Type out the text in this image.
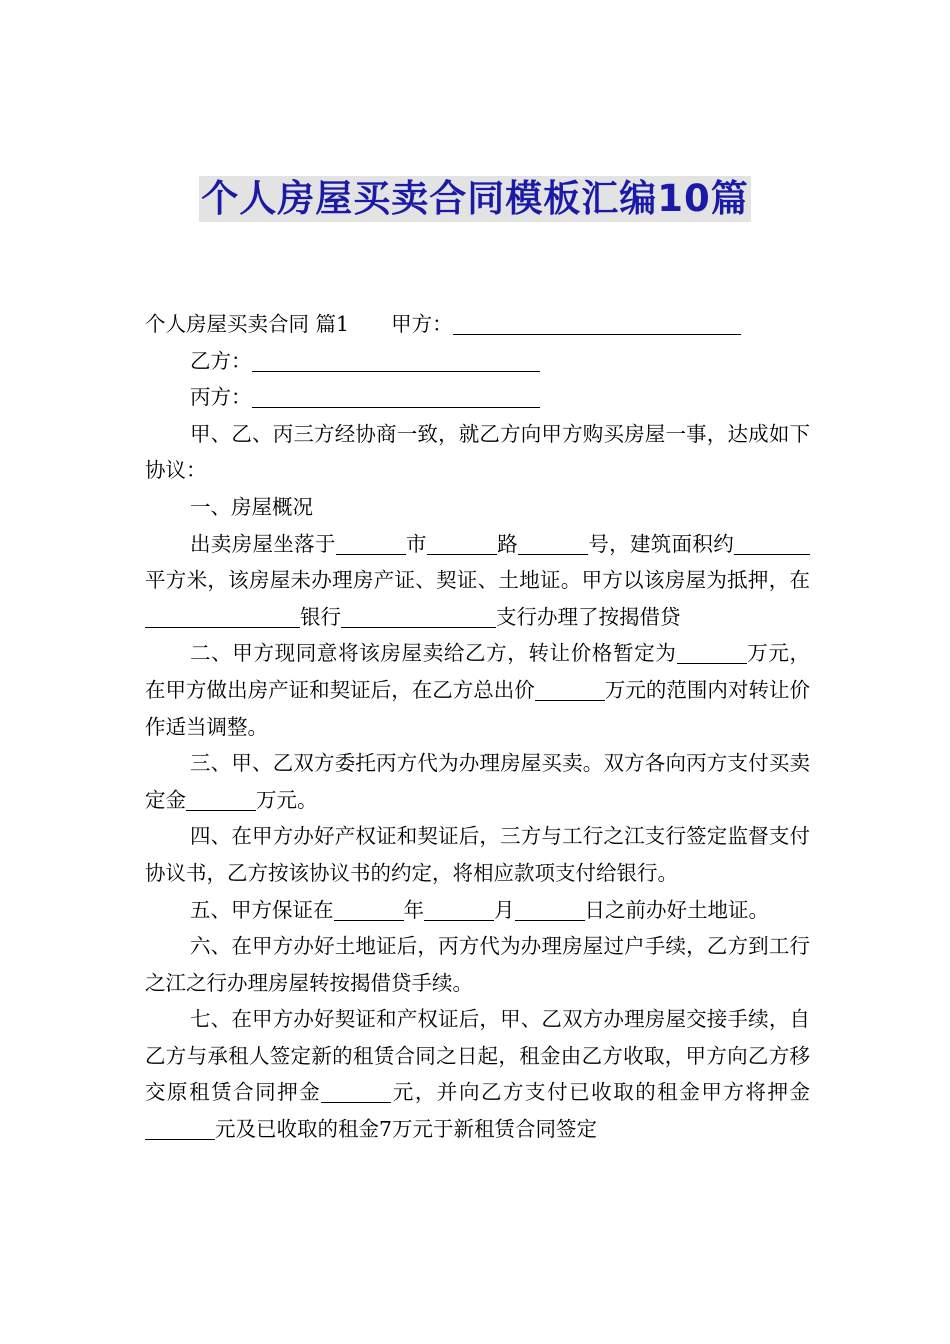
个人房屋买卖合同模板汇编10篇

个人房屋买卖合同 篇1 甲方：

乙方：

丙方：

甲、乙、丙三方经协商一致，就乙方向甲方购买房屋一事，达成如下协议：

一、房屋概况

出卖房屋坐落于	市	路	号，建筑面积约平方米，该房屋未办理房产证、契证、土地证。甲方以该房屋为抵押，在银行	支行办理了按揭借贷

二、甲方现同意将该房屋卖给乙方，转让价格暂定为	万元，在甲方做出房产证和契证后，在乙方总出价	万元的范围内对转让价作适当调整。

三、甲、乙双方委托丙方代为办理房屋买卖。双方各向丙方支付买卖定金	万元。

四、在甲方办好产权证和契证后，三方与工行之江支行签定监督支付协议书，乙方按该协议书的约定，将相应款项支付给银行。

五、甲方保证在	年	月	日之前办好土地证。

六、在甲方办好土地证后，丙方代为办理房屋过户手续，乙方到工行之江之行办理房屋转按揭借贷手续。

七、在甲方办好契证和产权证后，甲、乙双方办理房屋交接手续，自乙方与承租人签定新的租赁合同之日起，租金由乙方收取，甲方向乙方移交原租赁合同押金	元，并向乙方支付已收取的租金甲方将押金元及已收取的租金7万元于新租赁合同签定
